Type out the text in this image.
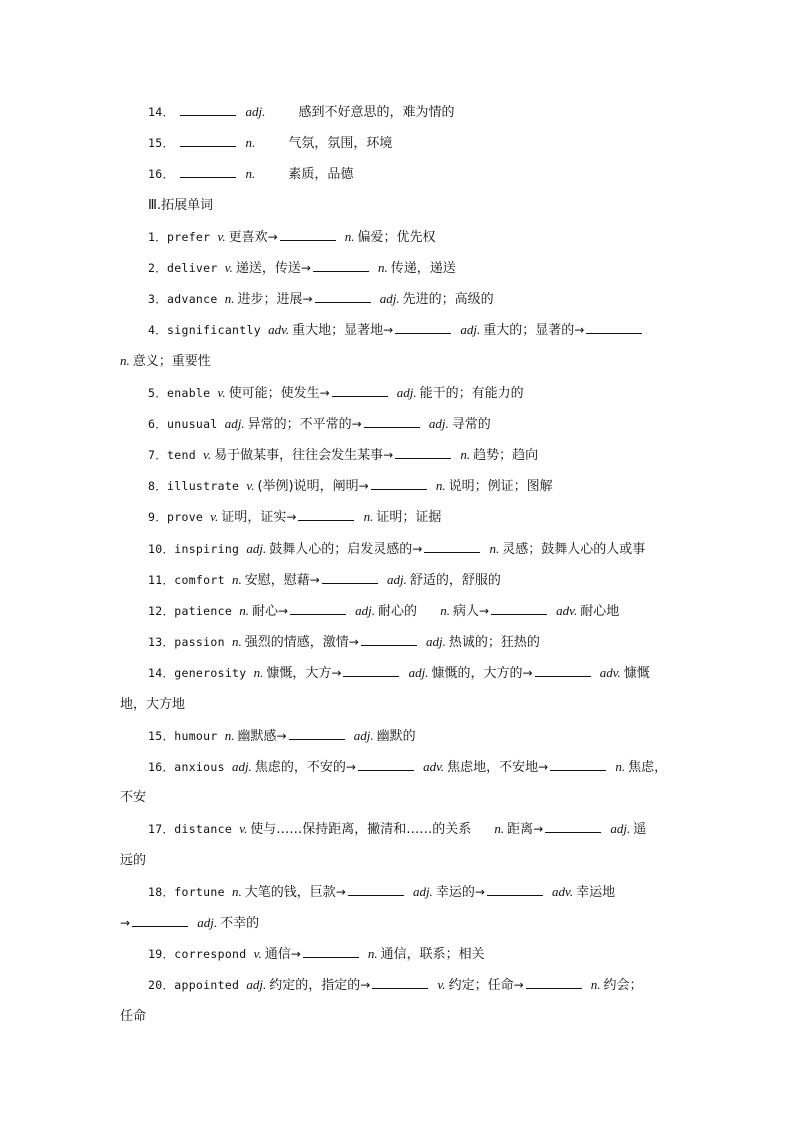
14．	adj.	感到不好意思的，难为情的
15．	n.	气氛，氛围，环境
16．	n.	素质，品德
Ⅲ.拓展单词
1．prefer v. 更喜欢→	n. 偏爱；优先权
2．deliver v. 递送，传送→	n. 传递，递送
3．advance n. 进步；进展→	adj. 先进的；高级的
4．significantly adv. 重大地；显著地→	adj. 重大的；显著的→
n. 意义；重要性
5．enable v. 使可能；使发生→	adj. 能干的；有能力的
6．unusual adj. 异常的；不平常的→	adj. 寻常的
7．tend v. 易于做某事，往往会发生某事→	n. 趋势；趋向
8．illustrate v. (举例)说明，阐明→	n. 说明；例证；图解
9．prove v. 证明，证实→	n. 证明；证据
10．inspiring adj. 鼓舞人心的；启发灵感的→	n. 灵感；鼓舞人心的人或事
11．comfort n. 安慰，慰藉→	adj. 舒适的，舒服的
12．patience n. 耐心→	adj. 耐心的 n. 病人→	adv. 耐心地
13．passion n. 强烈的情感，激情→	adj. 热诚的；狂热的
14．generosity n. 慷慨，大方→	adj. 慷慨的，大方的→	adv. 慷慨
地，大方地
15．humour n. 幽默感→	adj. 幽默的
16．anxious adj. 焦虑的，不安的→	adv. 焦虑地，不安地→	n. 焦虑，
不安
17．distance v. 使与……保持距离，撇清和……的关系 n. 距离→	adj. 遥
远的
18．fortune n. 大笔的钱，巨款→	adj. 幸运的→	adv. 幸运地
→	adj. 不幸的
19．correspond v. 通信→	n. 通信，联系；相关
20．appointed adj. 约定的，指定的→	v. 约定；任命→	n. 约会；
任命
